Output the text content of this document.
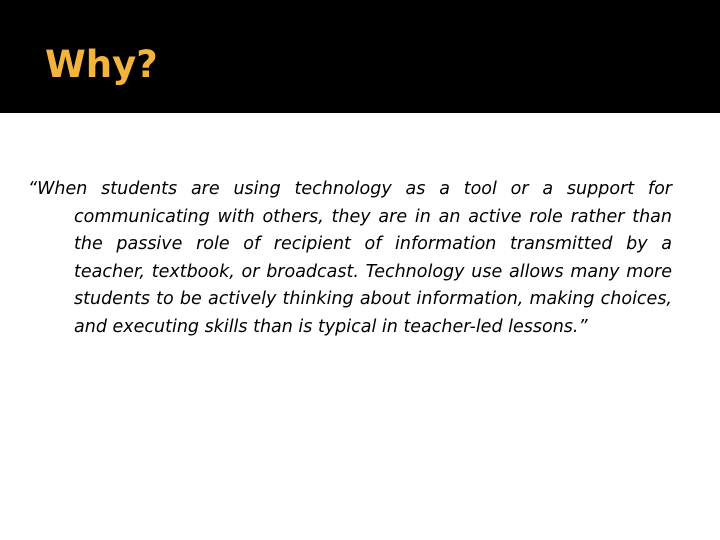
Why?

“When students are using technology as a tool or a support for communicating with others, they are in an active role rather than the passive role of recipient of information transmitted by a teacher, textbook, or broadcast. Technology use allows many more students to be actively thinking about information, making choices, and executing skills than is typical in teacher-led lessons.”
